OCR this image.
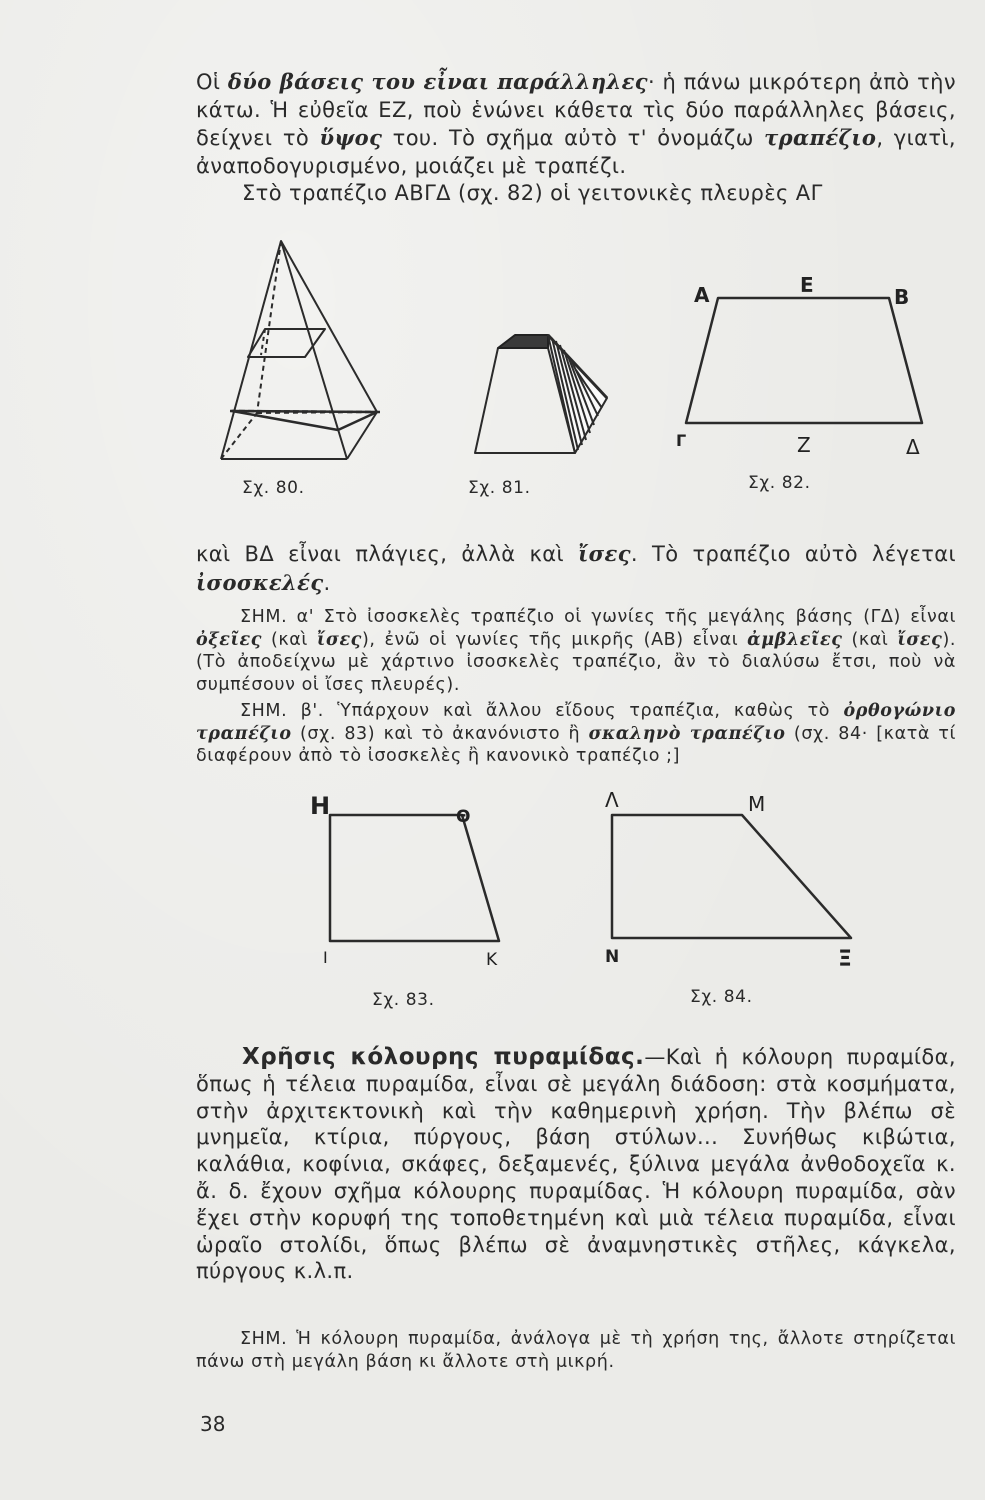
Οἱ δύο βάσεις του εἶναι παράλληλες· ἡ πάνω μικρότερη ἀπὸ τὴν κάτω. Ἡ εὐθεῖα ΕΖ, ποὺ ἑνώνει κάθετα τὶς δύο παράλληλες βάσεις, δείχνει τὸ ὕψος του. Τὸ σχῆμα αὐτὸ τ' ὀνομάζω τραπέζιο, γιατὶ, ἀναποδογυρισμένο, μοιάζει μὲ τραπέζι.

Στὸ τραπέζιο ΑΒΓΔ (σχ. 82) οἱ γειτονικὲς πλευρὲς ΑΓ

Α	Ε	Β
Γ	Ζ	Δ
Η	Θ
Ι	Κ
Λ	Μ
Ν	Ξ
Σχ. 80.	Σχ. 81.	Σχ. 82.

καὶ ΒΔ εἶναι πλάγιες, ἀλλὰ καὶ ἴσες. Τὸ τραπέζιο αὐτὸ λέγεται ἰσοσκελές.

ΣΗΜ. α' Στὸ ἰσοσκελὲς τραπέζιο οἱ γωνίες τῆς μεγάλης βάσης (ΓΔ) εἶναι ὀξεῖες (καὶ ἴσες), ἐνῶ οἱ γωνίες τῆς μικρῆς (ΑΒ) εἶναι ἀμβλεῖες (καὶ ἴσες). (Τὸ ἀποδείχνω μὲ χάρτινο ἰσοσκελὲς τραπέζιο, ἂν τὸ διαλύσω ἔτσι, ποὺ νὰ συμπέσουν οἱ ἴσες πλευρές).

ΣΗΜ. β'. Ὑπάρχουν καὶ ἄλλου εἴδους τραπέζια, καθὼς τὸ ὀρθογώνιο τραπέζιο (σχ. 83) καὶ τὸ ἀκανόνιστο ἢ σκαληνὸ τραπέζιο (σχ. 84· [κατὰ τί διαφέρουν ἀπὸ τὸ ἰσοσκελὲς ἢ κανονικὸ τραπέζιο ;]

Σχ. 83.	Σχ. 84.

Χρῆσις κόλουρης πυραμίδας.—Καὶ ἡ κόλουρη πυραμίδα, ὅπως ἡ τέλεια πυραμίδα, εἶναι σὲ μεγάλη διάδοση: στὰ κοσμήματα, στὴν ἀρχιτεκτονικὴ καὶ τὴν καθημερινὴ χρήση. Τὴν βλέπω σὲ μνημεῖα, κτίρια, πύργους, βάση στύλων... Συνήθως κιβώτια, καλάθια, κοφίνια, σκάφες, δεξαμενές, ξύλινα μεγάλα ἀνθοδοχεῖα κ. ἄ. δ. ἔχουν σχῆμα κόλουρης πυραμίδας. Ἡ κόλουρη πυραμίδα, σὰν ἔχει στὴν κορυφή της τοποθετημένη καὶ μιὰ τέλεια πυραμίδα, εἶναι ὡραῖο στολίδι, ὅπως βλέπω σὲ ἀναμνηστικὲς στῆλες, κάγκελα, πύργους κ.λ.π.

ΣΗΜ. Ἡ κόλουρη πυραμίδα, ἀνάλογα μὲ τὴ χρήση της, ἄλλοτε στηρίζεται πάνω στὴ μεγάλη βάση κι ἄλλοτε στὴ μικρή.

38
